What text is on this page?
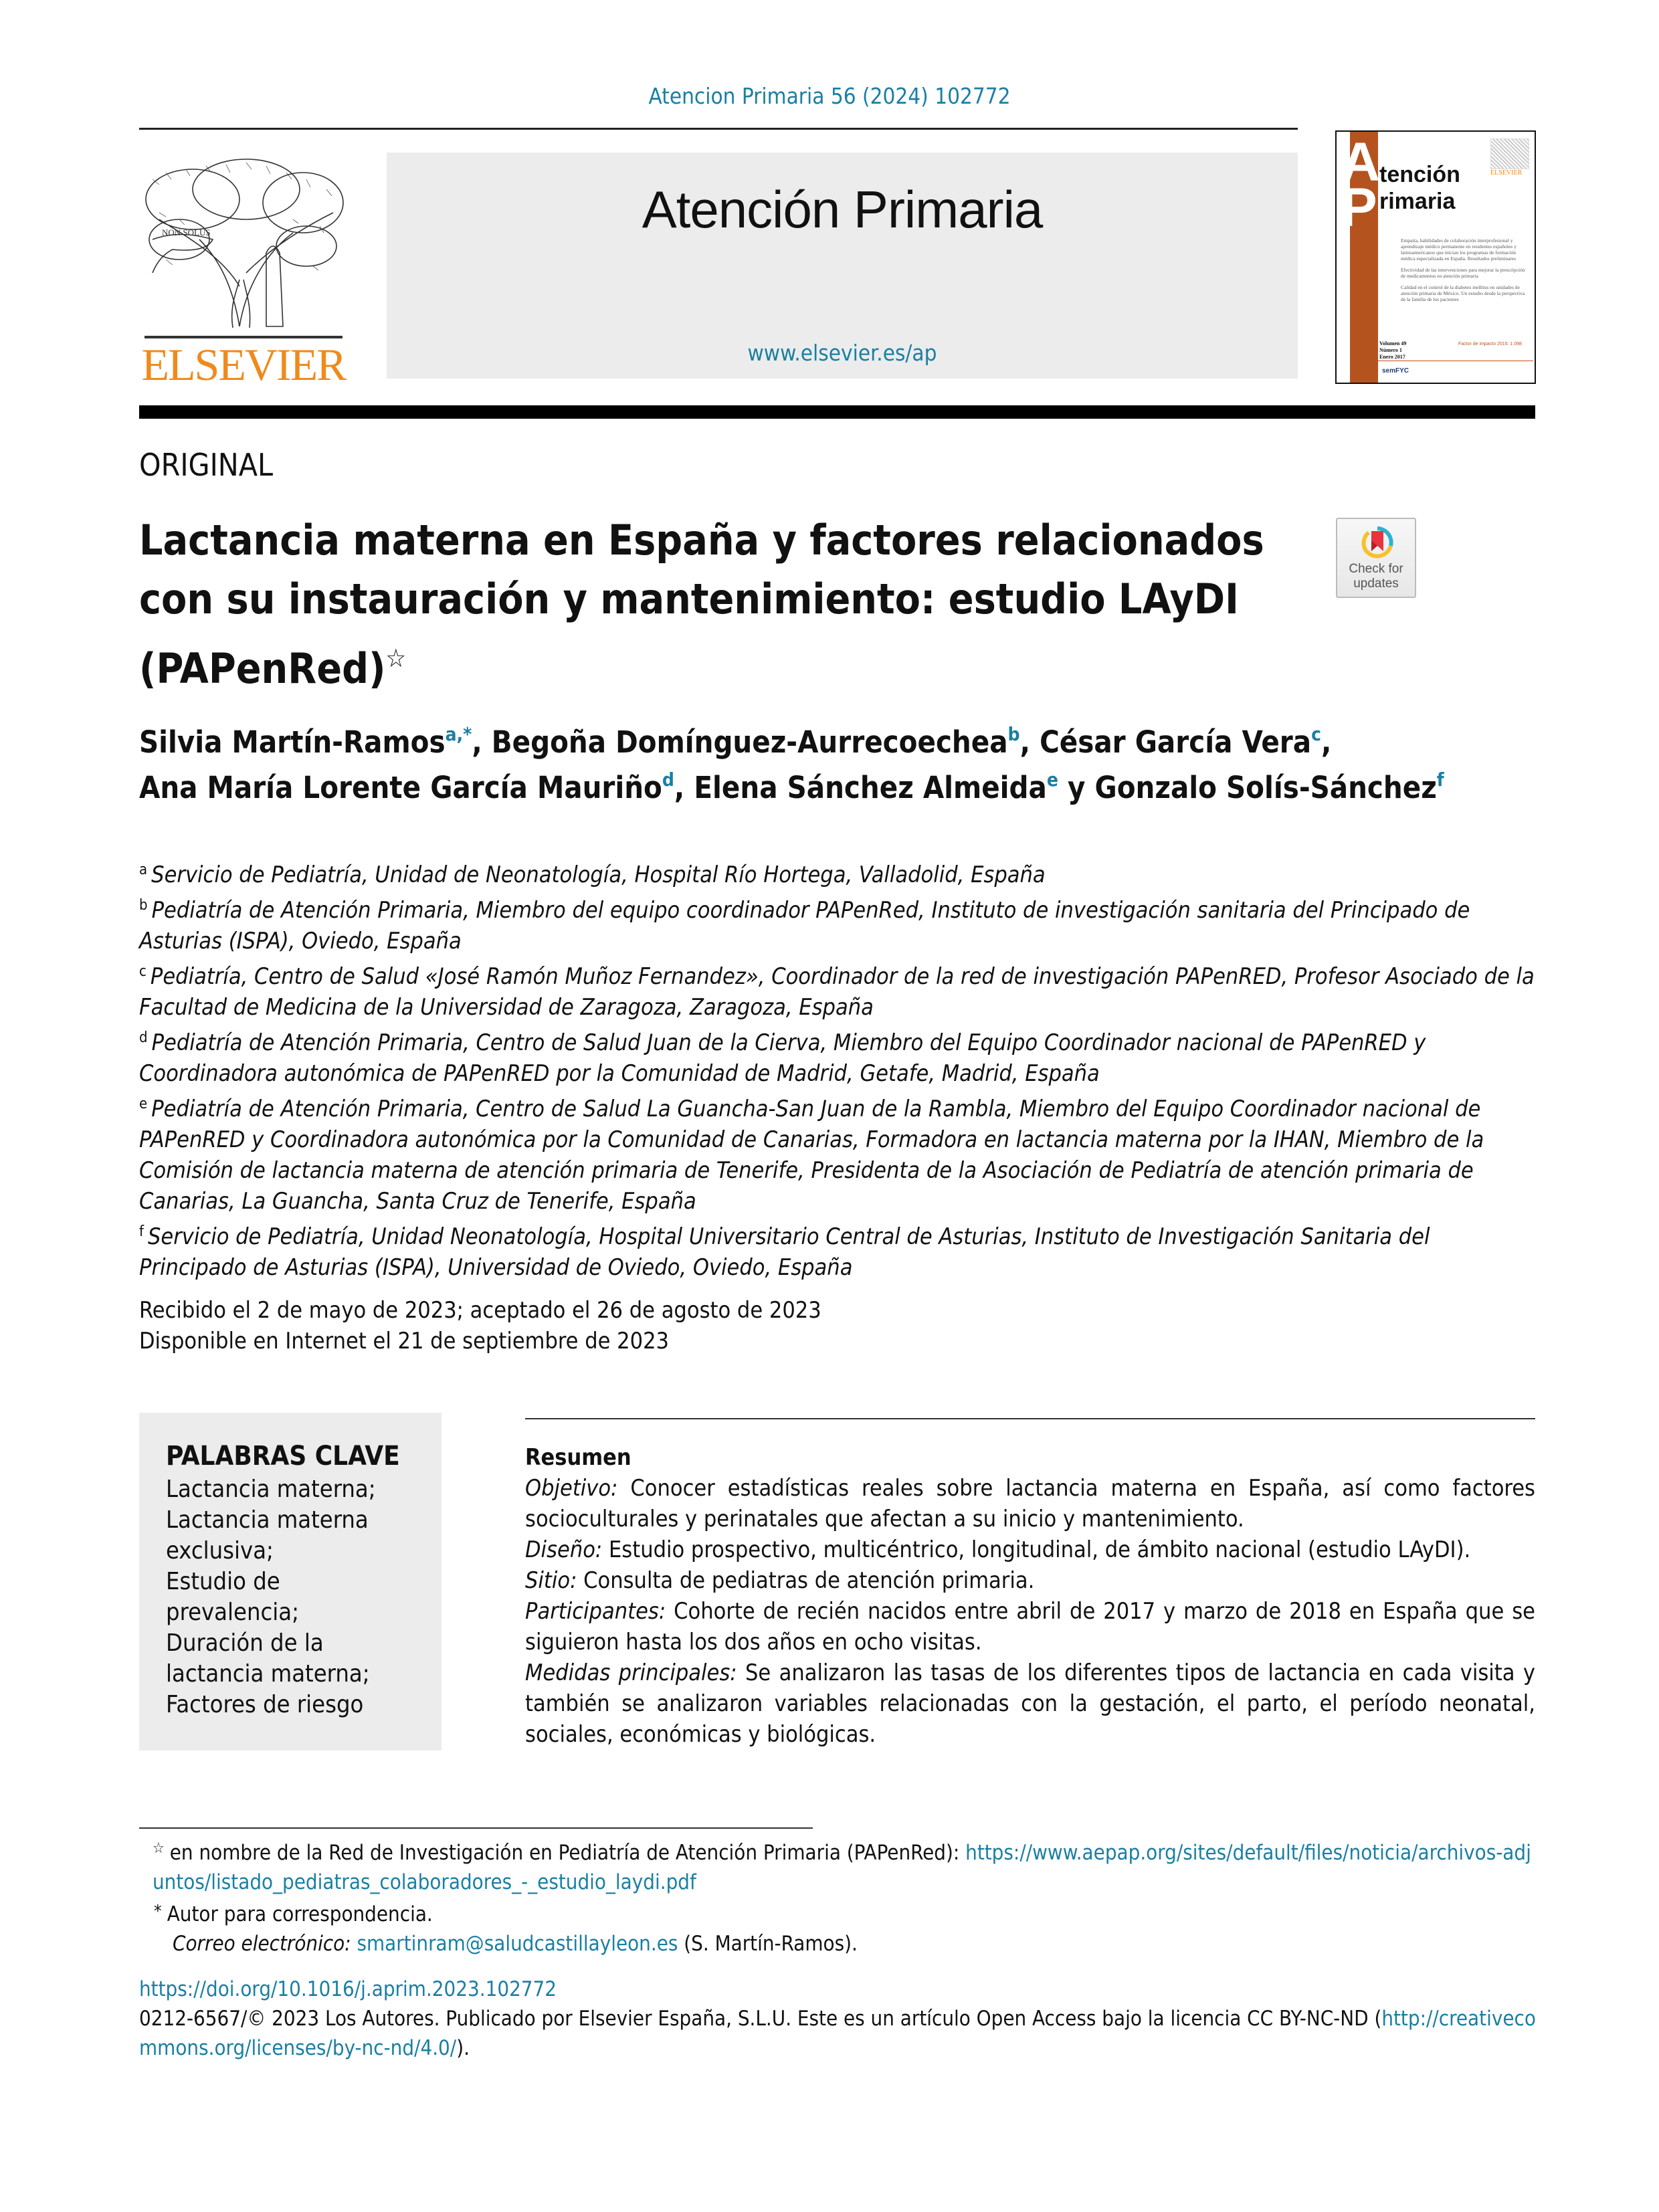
Atencion Primaria 56 (2024) 102772
NON SOLUS
ELSEVIER
Atención Primaria
www.elsevier.es/ap
A
P
tención
rimaria
ELSEVIER
Empatía, habilidades de colaboración interprofesional y aprendizaje médico permanente en residentes españoles y latinoamericanos que inician los programas de formación médica especializada en España. Resultados preliminares
Efectividad de las intervenciones para mejorar la prescripción de medicamentos en atención primaria
Calidad en el control de la diabetes mellitus en unidades de atención primaria de México. Un estudio desde la perspectiva de la familia de los pacientes
Volumen 49
Número 1
Enero 2017
Factor de impacto 2015: 1.098
semFYC
ORIGINAL
Lactancia materna en España y factores relacionados
con su instauración y mantenimiento: estudio LAyDI
(PAPenRed)☆
Check for updates
Silvia Martín-Ramos$^{a,*}$, Begoña Domínguez-Aurrecoechea$^b$, César García Vera$^c$,
Ana María Lorente García Mauriño$^d$, Elena Sánchez Almeida$^e$ y Gonzalo Solís-Sánchez$^f$
$^a$ Servicio de Pediatría, Unidad de Neonatología, Hospital Río Hortega, Valladolid, España
$^b$ Pediatría de Atención Primaria, Miembro del equipo coordinador PAPenRed, Instituto de investigación sanitaria del Principado de Asturias (ISPA), Oviedo, España
$^c$ Pediatría, Centro de Salud «José Ramón Muñoz Fernandez», Coordinador de la red de investigación PAPenRED, Profesor Asociado de la Facultad de Medicina de la Universidad de Zaragoza, Zaragoza, España
$^d$ Pediatría de Atención Primaria, Centro de Salud Juan de la Cierva, Miembro del Equipo Coordinador nacional de PAPenRED y Coordinadora autonómica de PAPenRED por la Comunidad de Madrid, Getafe, Madrid, España
$^e$ Pediatría de Atención Primaria, Centro de Salud La Guancha-San Juan de la Rambla, Miembro del Equipo Coordinador nacional de PAPenRED y Coordinadora autonómica por la Comunidad de Canarias, Formadora en lactancia materna por la IHAN, Miembro de la Comisión de lactancia materna de atención primaria de Tenerife, Presidenta de la Asociación de Pediatría de atención primaria de Canarias, La Guancha, Santa Cruz de Tenerife, España
$^f$ Servicio de Pediatría, Unidad Neonatología, Hospital Universitario Central de Asturias, Instituto de Investigación Sanitaria del Principado de Asturias (ISPA), Universidad de Oviedo, Oviedo, España
Recibido el 2 de mayo de 2023; aceptado el 26 de agosto de 2023
Disponible en Internet el 21 de septiembre de 2023
PALABRAS CLAVE
Lactancia materna;
Lactancia materna
exclusiva;
Estudio de
prevalencia;
Duración de la
lactancia materna;
Factores de riesgo
Resumen
Objetivo: Conocer estadísticas reales sobre lactancia materna en España, así como factores socioculturales y perinatales que afectan a su inicio y mantenimiento.
Diseño: Estudio prospectivo, multicéntrico, longitudinal, de ámbito nacional (estudio LAyDI).
Sitio: Consulta de pediatras de atención primaria.
Participantes: Cohorte de recién nacidos entre abril de 2017 y marzo de 2018 en España que se siguieron hasta los dos años en ocho visitas.
Medidas principales: Se analizaron las tasas de los diferentes tipos de lactancia en cada visita y también se analizaron variables relacionadas con la gestación, el parto, el período neonatal, sociales, económicas y biológicas.
☆ en nombre de la Red de Investigación en Pediatría de Atención Primaria (PAPenRed): https://www.aepap.org/sites/default/files/noticia/archivos-adjuntos/listado_pediatras_colaboradores_-_estudio_laydi.pdf
* Autor para correspondencia.
Correo electrónico: smartinram@saludcastillayleon.es (S. Martín-Ramos).
https://doi.org/10.1016/j.aprim.2023.102772
0212-6567/© 2023 Los Autores. Publicado por Elsevier España, S.L.U. Este es un artículo Open Access bajo la licencia CC BY-NC-ND (http://creativecommons.org/licenses/by-nc-nd/4.0/).
